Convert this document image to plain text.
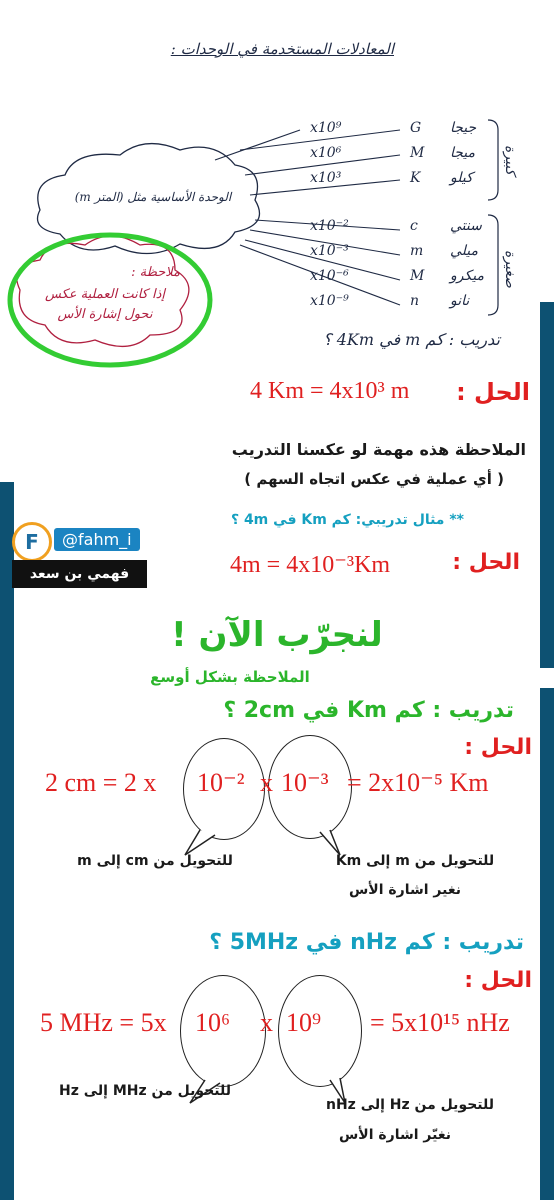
المعادلات المستخدمة في الوحدات :
الوحدة الأساسية مثل (المتر m)
كبيرة
صغيرة
x10⁹	G جيجا
x10⁶	M ميجا
x10³	K كيلو
x10⁻²	c سنتي
x10⁻³	m ميلي
x10⁻⁶	M ميكرو
x10⁻⁹	n نانو
ملاحظة :
إذا كانت العملية عكس نحول إشارة الأس
تدريب : كم m في 4Km ؟
4 Km = 4x10³ m الحل :
الملاحظة هذه مهمة لو عكسنا التدريب
( أي عملية في عكس اتجاه السهم )
F	@fahm_i
فهمي بن سعد
** مثال تدريبي: كم Km في 4m ؟
4m = 4x10⁻³Km	الحل :
لنجرّب الآن !
الملاحظة بشكل أوسع
تدريب : كم Km في 2cm ؟
الحل :
2 cm = 2 x 10⁻² x 10⁻³ = 2x10⁻⁵ Km
للتحويل من cm إلى m	للتحويل من m إلى Km
نغير اشارة الأس
تدريب : كم nHz في 5MHz ؟
الحل :
5 MHz = 5x 10⁶ x 10⁹ = 5x10¹⁵ nHz
للتحويل من MHz إلى Hz
للتحويل من Hz إلى nHz
نغيّر اشارة الأس
